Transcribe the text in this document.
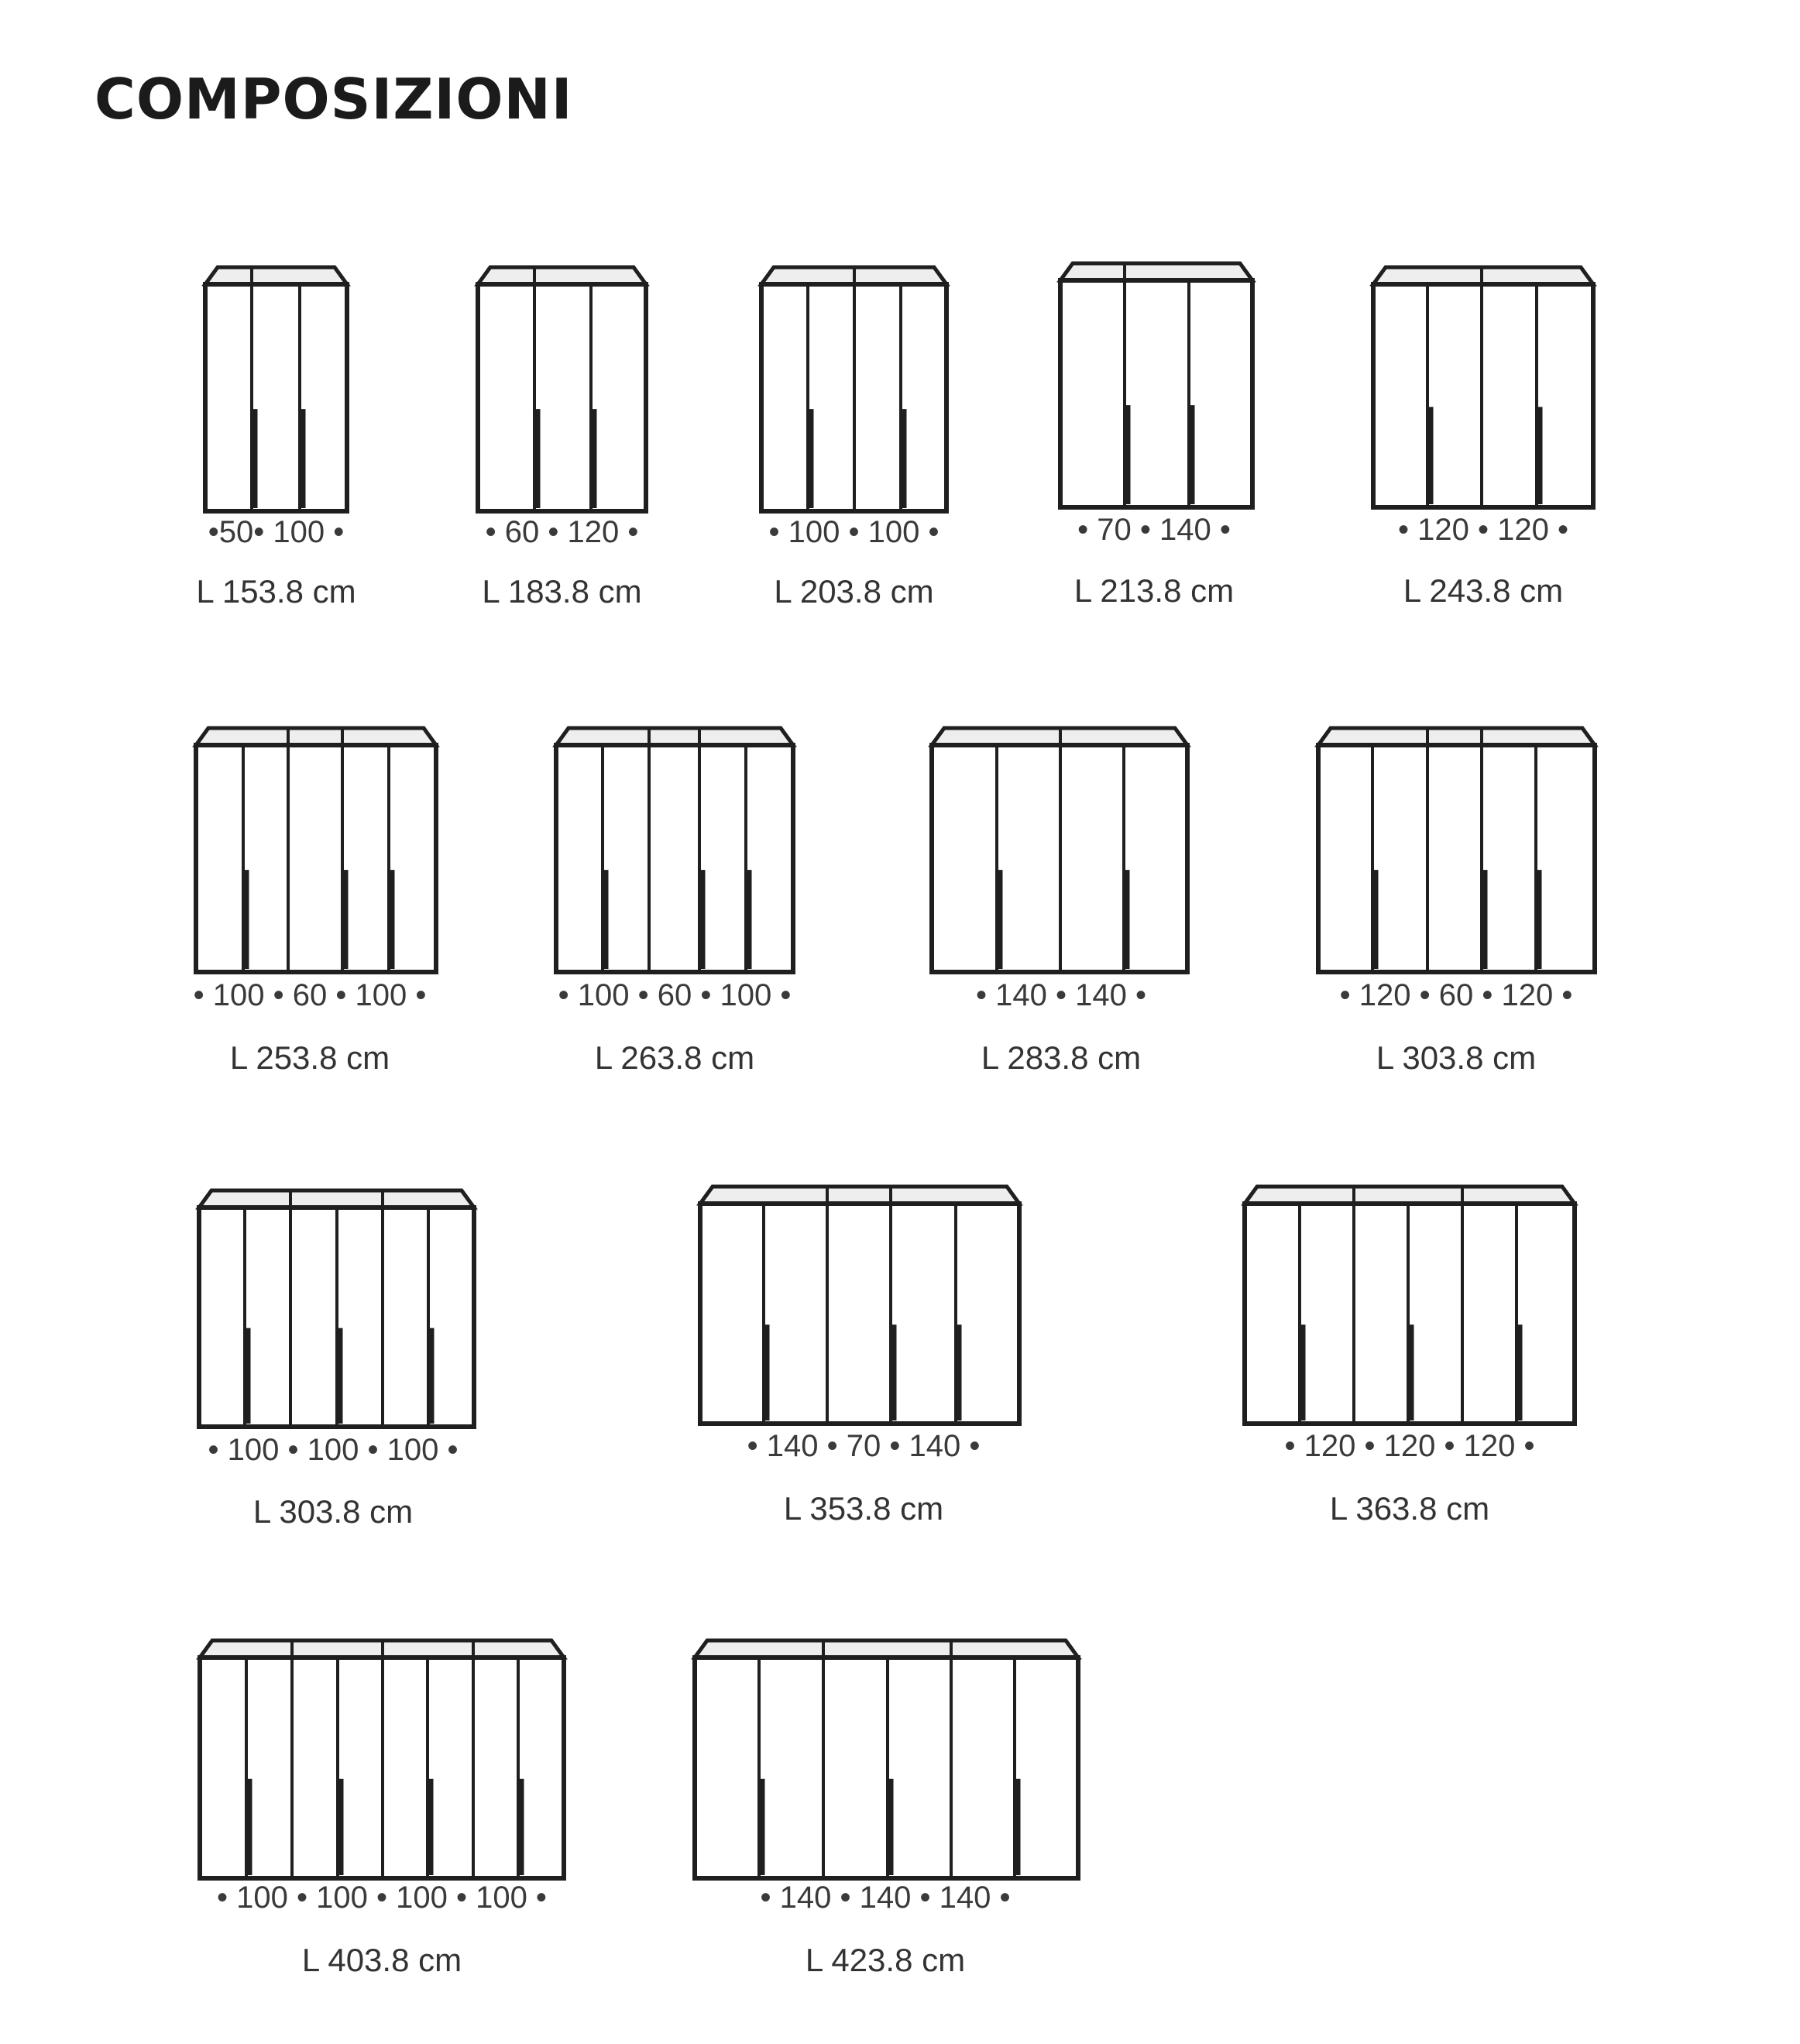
COMPOSIZIONI
•50• 100 •
L 153.8 cm
• 60 • 120 •
L 183.8 cm
• 100 • 100 •
L 203.8 cm
• 70 • 140 •
L 213.8 cm
• 120 • 120 •
L 243.8 cm
• 100 • 60 • 100 •
L 253.8 cm
• 100 • 60 • 100 •
L 263.8 cm
• 140 • 140 •
L 283.8 cm
• 120 • 60 • 120 •
L 303.8 cm
• 100 • 100 • 100 •
L 303.8 cm
• 140 • 70 • 140 •
L 353.8 cm
• 120 • 120 • 120 •
L 363.8 cm
• 100 • 100 • 100 • 100 •
L 403.8 cm
• 140 • 140 • 140 •
L 423.8 cm
